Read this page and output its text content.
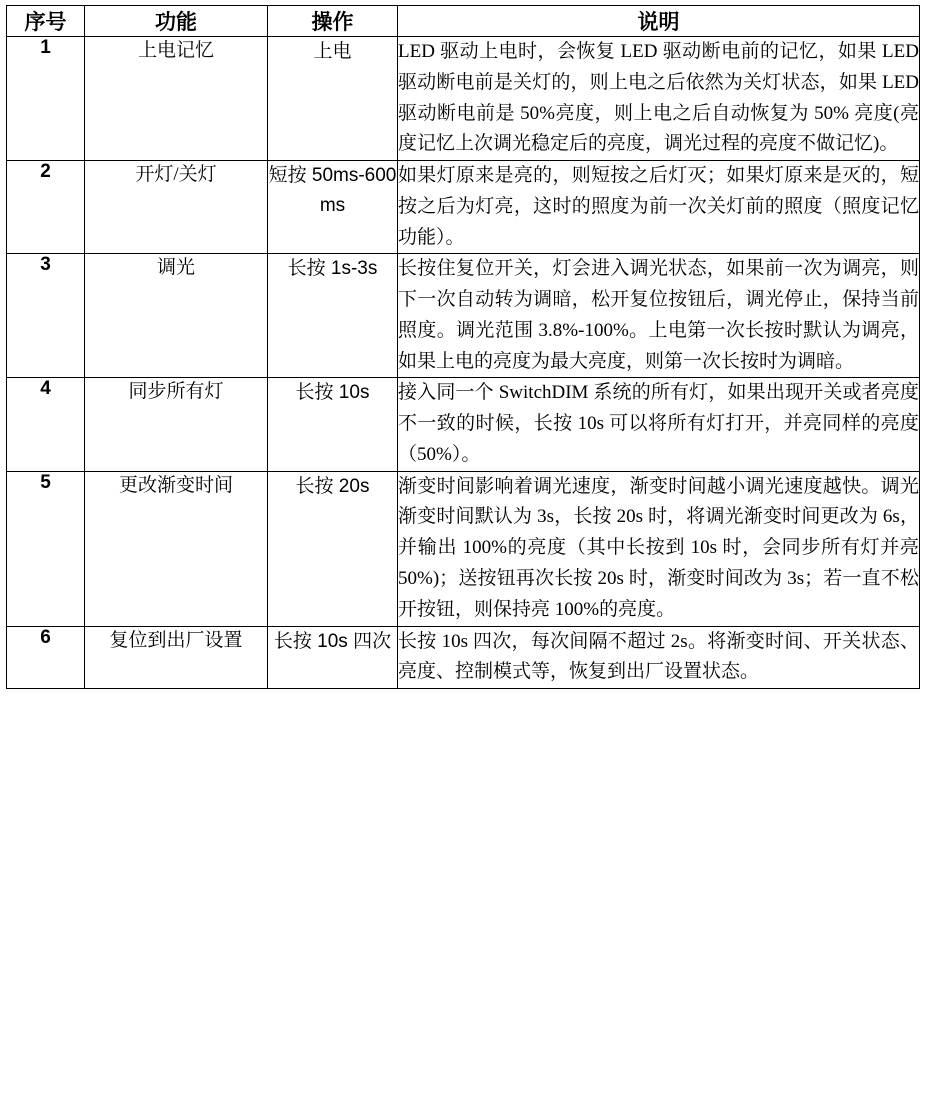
序号	功能	操作	说明
1	上电记忆	上电	LED 驱动上电时，会恢复 LED 驱动断电前的记忆，如果 LED 驱动断电前是关灯的，则上电之后依然为关灯状态，如果 LED 驱动断电前是 50%亮度，则上电之后自动恢复为 50% 亮度(亮度记忆上次调光稳定后的亮度，调光过程的亮度不做记忆)。
2	开灯/关灯	短按 50ms-600 ms	如果灯原来是亮的，则短按之后灯灭；如果灯原来是灭的，短按之后为灯亮，这时的照度为前一次关灯前的照度（照度记忆功能）。
3	调光	长按 1s-3s	长按住复位开关，灯会进入调光状态，如果前一次为调亮，则下一次自动转为调暗，松开复位按钮后，调光停止，保持当前照度。调光范围 3.8%-100%。上电第一次长按时默认为调亮，如果上电的亮度为最大亮度，则第一次长按时为调暗。
4	同步所有灯	长按 10s	接入同一个 SwitchDIM 系统的所有灯，如果出现开关或者亮度不一致的时候，长按 10s 可以将所有灯打开，并亮同样的亮度（50%）。
5	更改渐变时间	长按 20s	渐变时间影响着调光速度，渐变时间越小调光速度越快。调光渐变时间默认为 3s，长按 20s 时，将调光渐变时间更改为 6s，并输出 100%的亮度（其中长按到 10s 时，会同步所有灯并亮 50%)；送按钮再次长按 20s 时，渐变时间改为 3s；若一直不松开按钮，则保持亮 100%的亮度。
6	复位到出厂设置	长按 10s 四次	长按 10s 四次，每次间隔不超过 2s。将渐变时间、开关状态、亮度、控制模式等，恢复到出厂设置状态。
